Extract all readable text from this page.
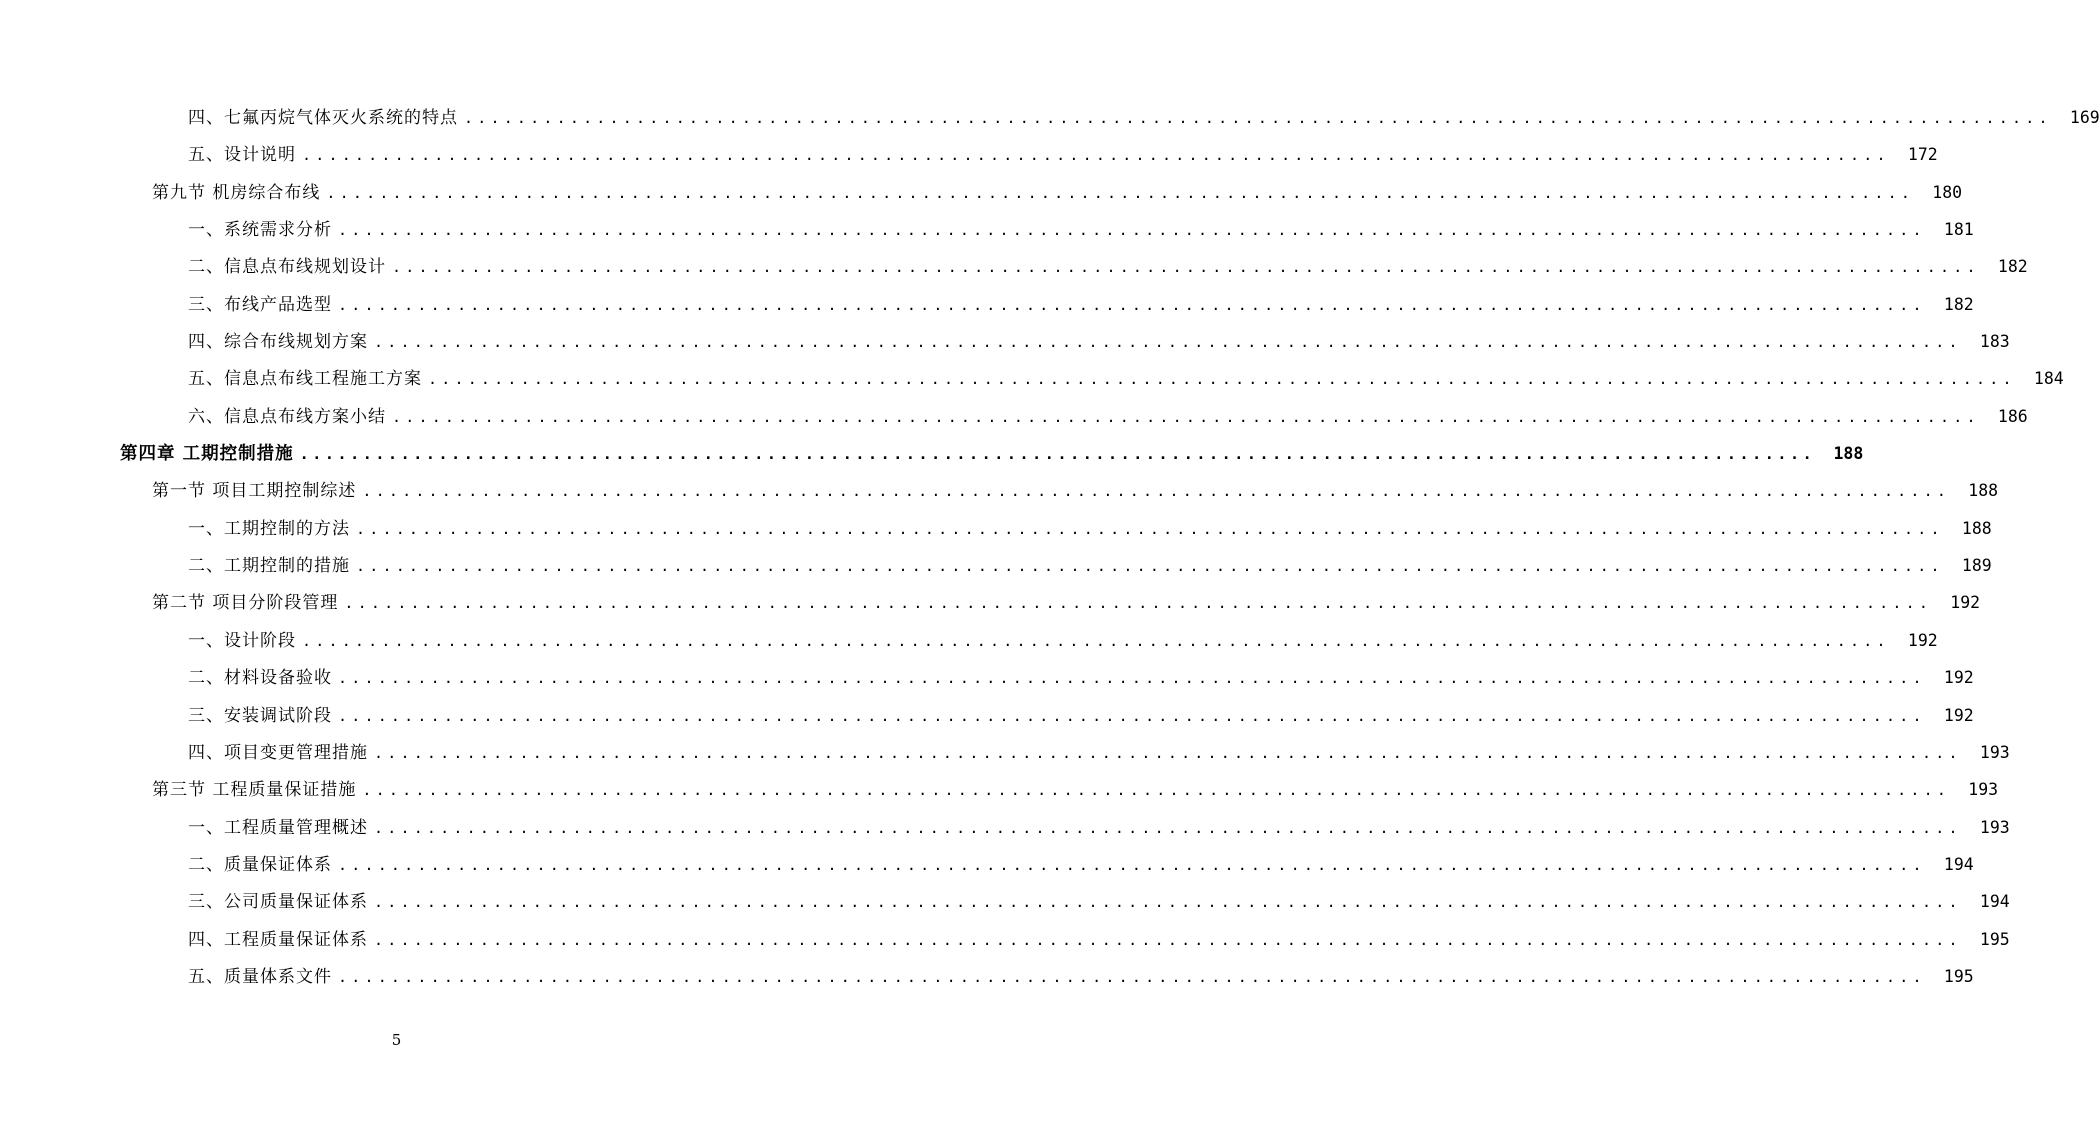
四、七氟丙烷气体灭火系统的特点 ........................................................................................................................	169
五、设计说明 ........................................................................................................................	172
第九节 机房综合布线 ........................................................................................................................	180
一、系统需求分析 ........................................................................................................................	181
二、信息点布线规划设计 ........................................................................................................................	182
三、布线产品选型 ........................................................................................................................	182
四、综合布线规划方案 ........................................................................................................................	183
五、信息点布线工程施工方案 ........................................................................................................................	184
六、信息点布线方案小结 ........................................................................................................................	186
第四章 工期控制措施 ........................................................................................................................	188
第一节 项目工期控制综述 ........................................................................................................................	188
一、工期控制的方法 ........................................................................................................................	188
二、工期控制的措施 ........................................................................................................................	189
第二节 项目分阶段管理 ........................................................................................................................	192
一、设计阶段 ........................................................................................................................	192
二、材料设备验收 ........................................................................................................................	192
三、安装调试阶段 ........................................................................................................................	192
四、项目变更管理措施 ........................................................................................................................	193
第三节 工程质量保证措施 ........................................................................................................................	193
一、工程质量管理概述 ........................................................................................................................	193
二、质量保证体系 ........................................................................................................................	194
三、公司质量保证体系 ........................................................................................................................	194
四、工程质量保证体系 ........................................................................................................................	195
五、质量体系文件 ........................................................................................................................	195
5
